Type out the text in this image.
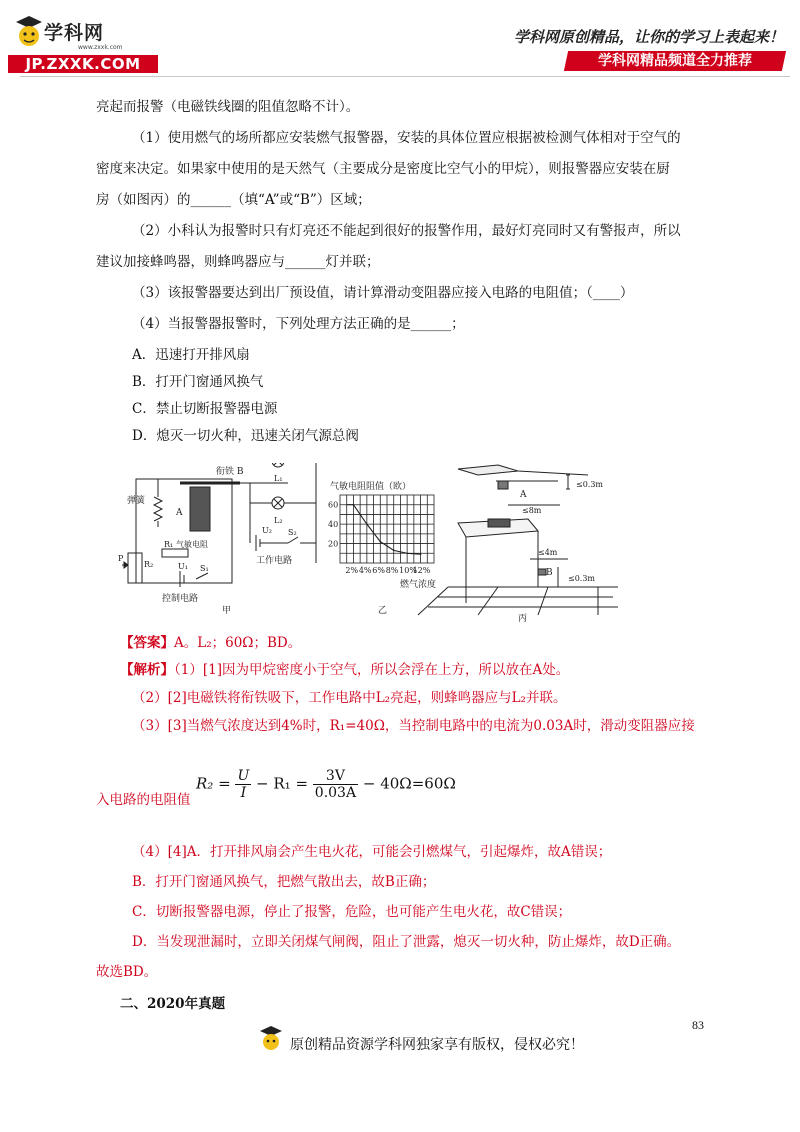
学科网
www.zxxk.com
JP.ZXXK.COM
学科网原创精品，让你的学习上表起来！
学科网精品频道全力推荐
亮起而报警（电磁铁线圈的阻值忽略不计）。
（1）使用燃气的场所都应安装燃气报警器，安装的具体位置应根据被检测气体相对于空气的
密度来决定。如果家中使用的是天然气（主要成分是密度比空气小的甲烷），则报警器应安装在厨
房（如图丙）的______（填“A”或“B”）区域；
（2）小科认为报警时只有灯亮还不能起到很好的报警作用，最好灯亮同时又有警报声，所以
建议加接蜂鸣器，则蜂鸣器应与______灯并联；
（3）该报警器要达到出厂预设值，请计算滑动变阻器应接入电路的电阻值；（____）
（4）当报警器报警时，下列处理方法正确的是______；
A．迅速打开排风扇
B．打开门窗通风换气
C．禁止切断报警器电源
D．熄灭一切火种，迅速关闭气源总阀
衔铁 B
弹簧
A
L₁
L₂
U₂ S₂
工作电路
R₁ 气敏电阻
P
R₂	U₁ S₁
控制电路
甲
气敏电阻阻值（欧）
20
40
60
2% 4% 6% 8% 10%
12%
燃气浓度
乙
A
≤0.3m
≤8m
≤4m
B
≤0.3m
丙
【答案】A。L₂；60Ω；BD。
【解析】（1）[1]因为甲烷密度小于空气，所以会浮在上方，所以放在A处。
（2）[2]电磁铁将衔铁吸下，工作电路中L₂亮起，则蜂鸣器应与L₂并联。
（3）[3]当燃气浓度达到4%时，R₁=40Ω，当控制电路中的电流为0.03A时，滑动变阻器应接
入电路的电阻值
$R_2 = \frac{U}{I} - R_1 = \frac{3V}{0.03A} - 40\Omega=60\Omega$
（4）[4]A．打开排风扇会产生电火花，可能会引燃煤气，引起爆炸，故A错误；
B．打开门窗通风换气，把燃气散出去，故B正确；
C．切断报警器电源，停止了报警，危险，也可能产生电火花，故C错误；
D．当发现泄漏时，立即关闭煤气闸阀，阻止了泄露，熄灭一切火种，防止爆炸，故D正确。
故选BD。
二、2020年真题
83
原创精品资源学科网独家享有版权，侵权必究！
